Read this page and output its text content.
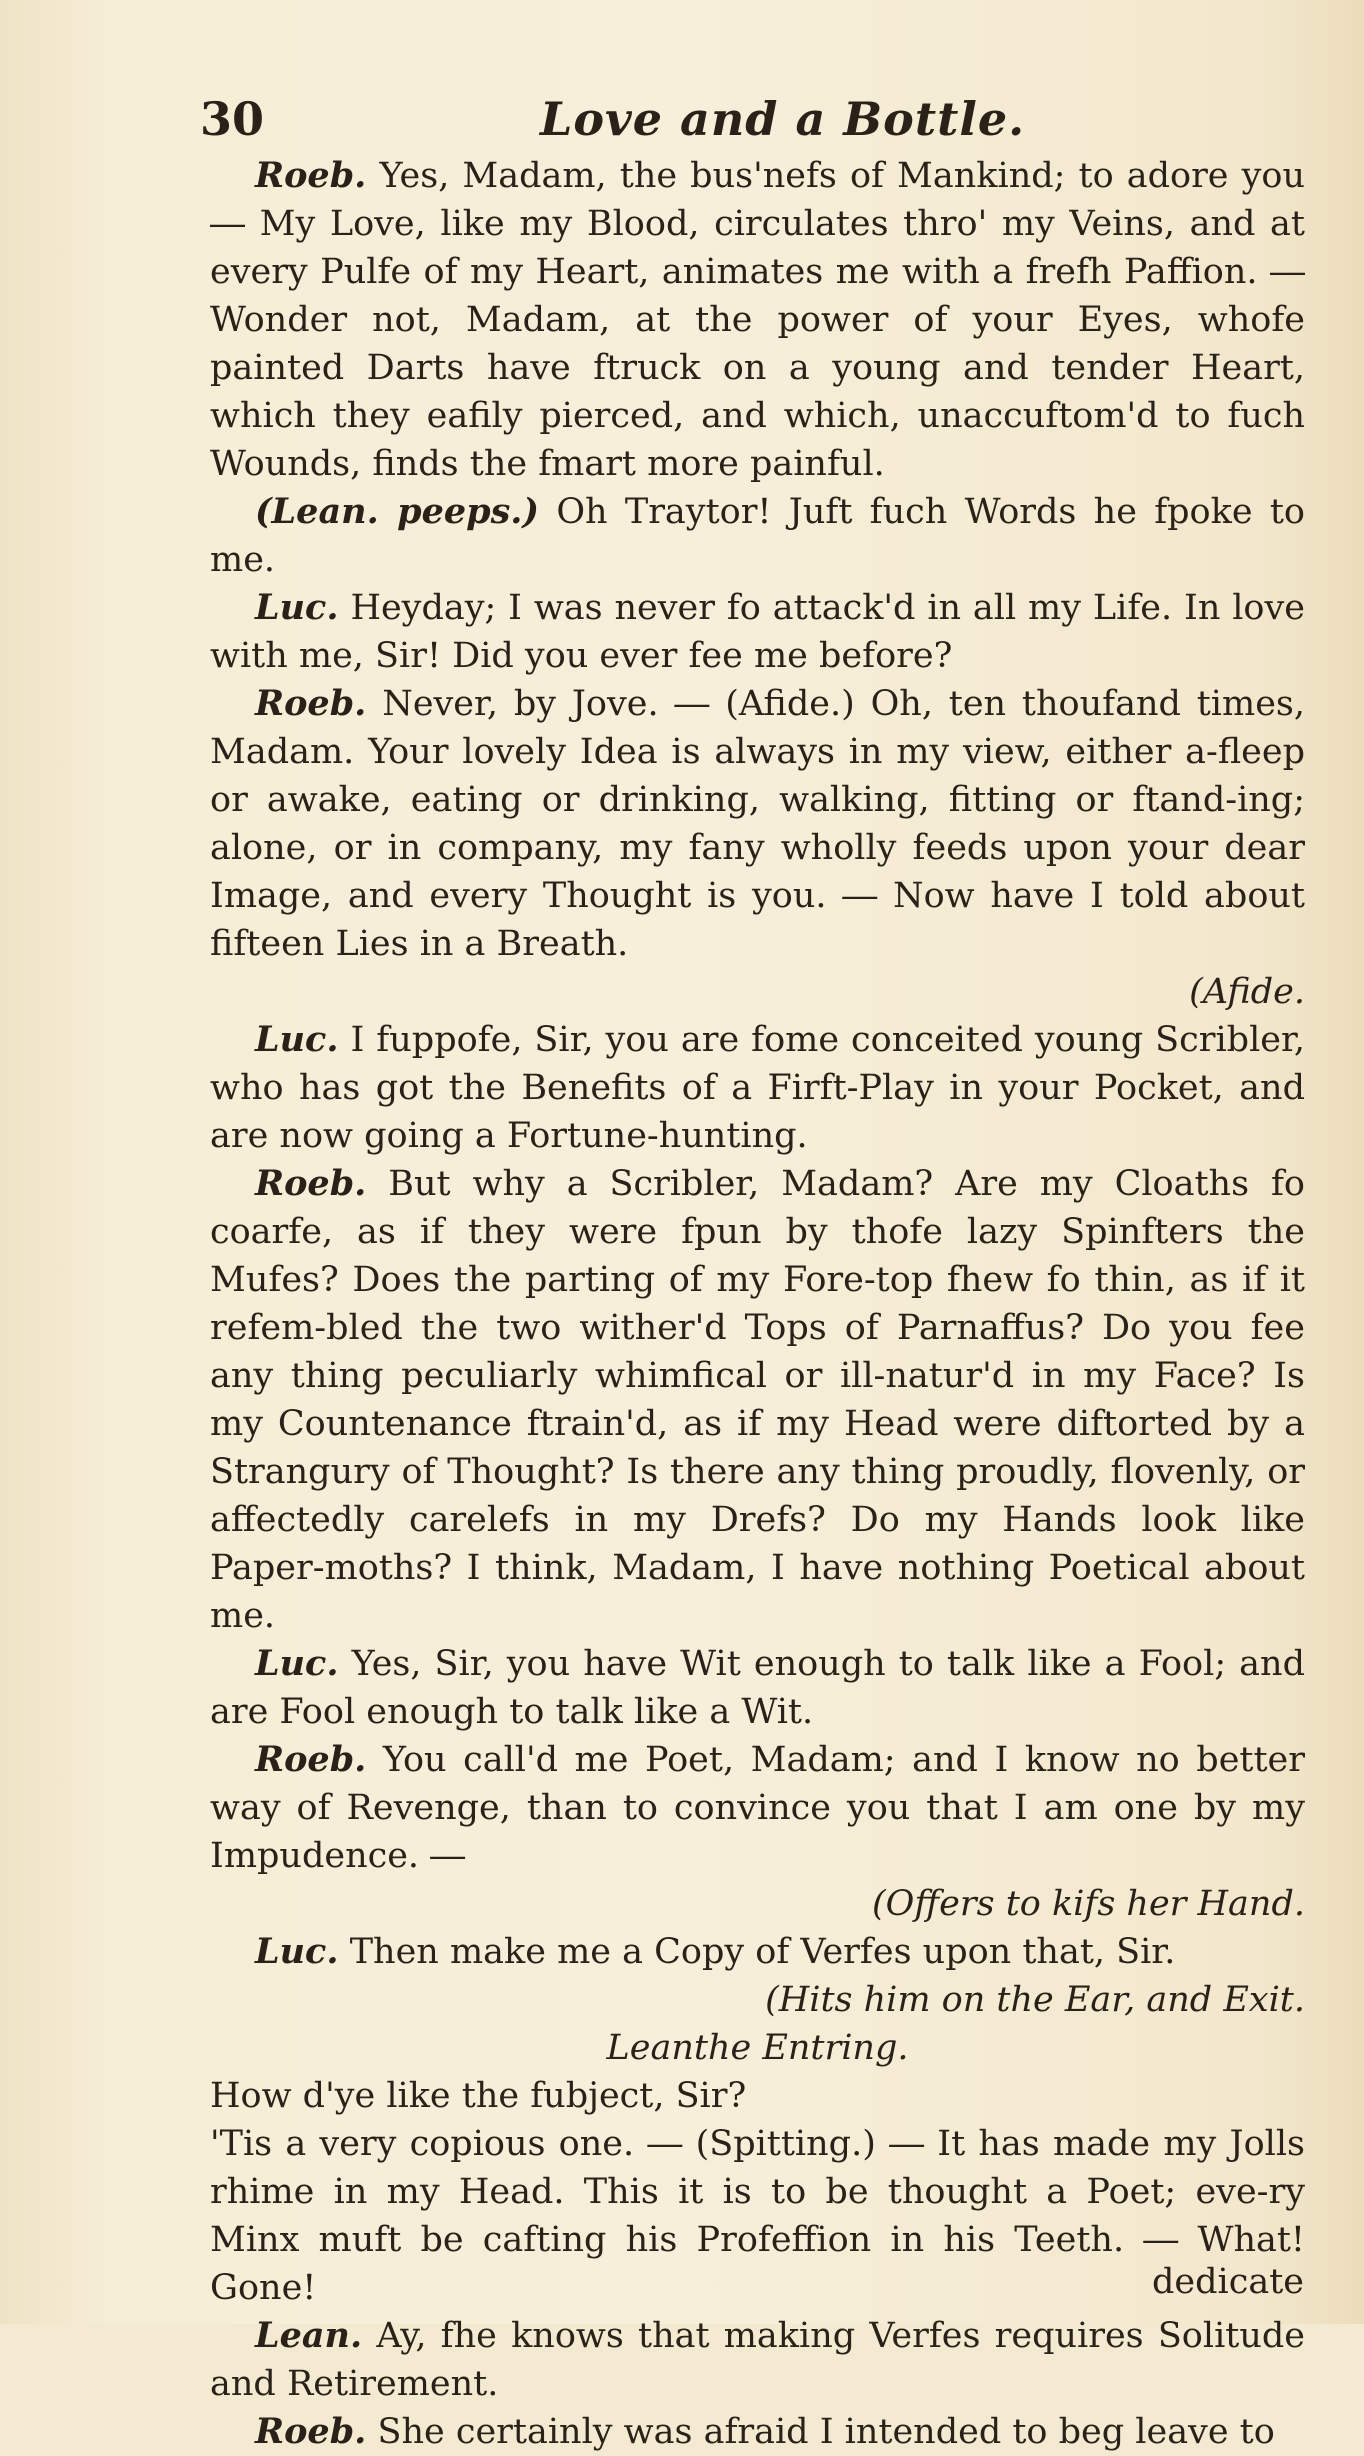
30	Love and a Bottle.

Roeb. Yes, Madam, the bus'nefs of Mankind; to adore you ― My Love, like my Blood, circulates thro' my Veins, and at every Pulfe of my Heart, animates me with a frefh Paffion. ― Wonder not, Madam, at the power of your Eyes, whofe painted Darts have ftruck on a young and tender Heart, which they eafily pierced, and which, unaccuftom'd to fuch Wounds, finds the fmart more painful.

(Lean. peeps.) Oh Traytor! Juft fuch Words he fpoke to me.

Luc. Heyday; I was never fo attack'd in all my Life. In love with me, Sir! Did you ever fee me before?

Roeb. Never, by Jove. ― (Afide.) Oh, ten thoufand times, Madam. Your lovely Idea is always in my view, either a-fleep or awake, eating or drinking, walking, fitting or ftand-ing; alone, or in company, my fany wholly feeds upon your dear Image, and every Thought is you. ― Now have I told about fifteen Lies in a Breath.

(Afide.

Luc. I fuppofe, Sir, you are fome conceited young Scribler, who has got the Benefits of a Firft-Play in your Pocket, and are now going a Fortune-hunting.

Roeb. But why a Scribler, Madam? Are my Cloaths fo coarfe, as if they were fpun by thofe lazy Spinfters the Mufes? Does the parting of my Fore-top fhew fo thin, as if it refem-bled the two wither'd Tops of Parnaffus? Do you fee any thing peculiarly whimfical or ill-natur'd in my Face? Is my Countenance ftrain'd, as if my Head were diftorted by a Strangury of Thought? Is there any thing proudly, flovenly, or affectedly carelefs in my Drefs? Do my Hands look like Paper-moths? I think, Madam, I have nothing Poetical about me.

Luc. Yes, Sir, you have Wit enough to talk like a Fool; and are Fool enough to talk like a Wit.

Roeb. You call'd me Poet, Madam; and I know no better way of Revenge, than to convince you that I am one by my Impudence. ―

(Offers to kifs her Hand.

Luc. Then make me a Copy of Verfes upon that, Sir.

(Hits him on the Ear, and Exit.

Leanthe Entring.

How d'ye like the fubject, Sir?

'Tis a very copious one. ― (Spitting.) ― It has made my Jolls rhime in my Head. This it is to be thought a Poet; eve-ry Minx muft be cafting his Profeffion in his Teeth. ― What! Gone!

Lean. Ay, fhe knows that making Verfes requires Solitude and Retirement.

Roeb. She certainly was afraid I intended to beg leave to

dedicate
